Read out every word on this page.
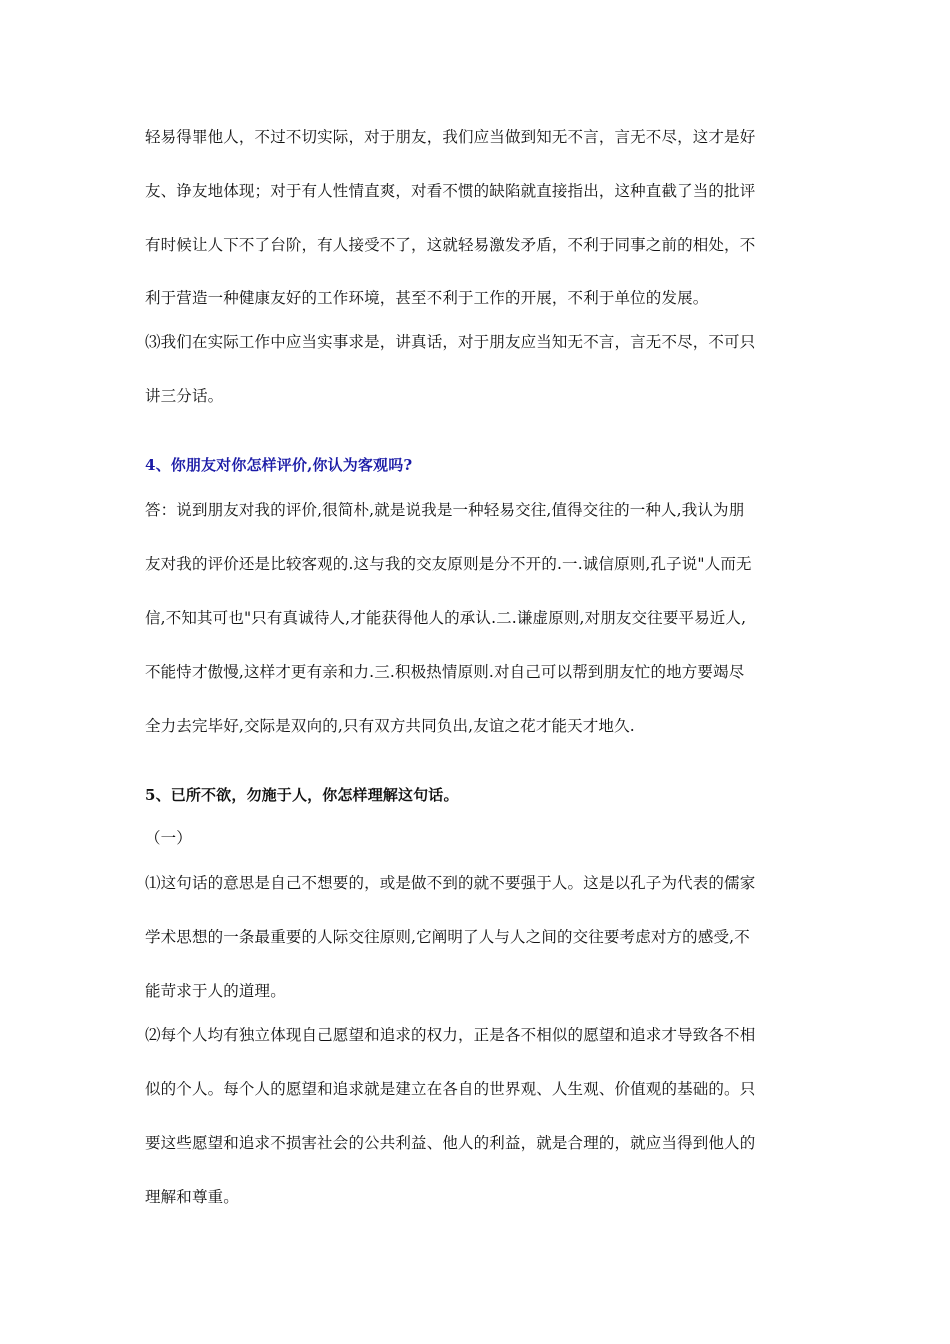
轻易得罪他人，不过不切实际，对于朋友，我们应当做到知无不言，言无不尽，这才是好
友、诤友地体现；对于有人性情直爽，对看不惯的缺陷就直接指出，这种直截了当的批评
有时候让人下不了台阶，有人接受不了，这就轻易激发矛盾，不利于同事之前的相处，不
利于营造一种健康友好的工作环境，甚至不利于工作的开展，不利于单位的发展。
⑶我们在实际工作中应当实事求是，讲真话，对于朋友应当知无不言，言无不尽，不可只
讲三分话。
4、你朋友对你怎样评价,你认为客观吗?
答：说到朋友对我的评价,很简朴,就是说我是一种轻易交往,值得交往的一种人,我认为朋
友对我的评价还是比较客观的.这与我的交友原则是分不开的.一.诚信原则,孔子说"人而无
信,不知其可也"只有真诚待人,才能获得他人的承认.二.谦虚原则,对朋友交往要平易近人,
不能恃才傲慢,这样才更有亲和力.三.积极热情原则.对自己可以帮到朋友忙的地方要竭尽
全力去完毕好,交际是双向的,只有双方共同负出,友谊之花才能天才地久.
5、已所不欲，勿施于人，你怎样理解这句话。
（一）
⑴这句话的意思是自己不想要的，或是做不到的就不要强于人。这是以孔子为代表的儒家
学术思想的一条最重要的人际交往原则,它阐明了人与人之间的交往要考虑对方的感受,不
能苛求于人的道理。
⑵每个人均有独立体现自己愿望和追求的权力，正是各不相似的愿望和追求才导致各不相
似的个人。每个人的愿望和追求就是建立在各自的世界观、人生观、价值观的基础的。只
要这些愿望和追求不损害社会的公共利益、他人的利益，就是合理的，就应当得到他人的
理解和尊重。
